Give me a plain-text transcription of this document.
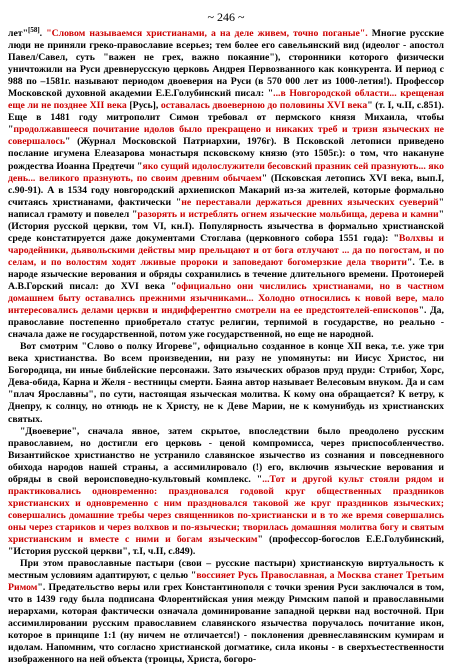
~ 246 ~

лет"[58]. "Словом называемся христианами, а на деле живем, точно поганые". Многие русские люди не приняли греко-православие всерьез; тем более его савельянский вид (идеолог - апостол Павел/Савел, суть "важен не грех, важно покаяние"), сторонники которого физически уничтожили на Руси древнерусскую церковь Андрея Первозванного как конкурента. И период с 988 по –1581г. называют периодом двоеверия на Руси (в 570 000 лет из 1000-летия!). Профессор Московской духовной академии Е.Е.Голубинский писал: "...в Новгородской области... крещеная еще ли не позднее XII века [Русь], оставалась двоеверною до половины XVI века" (т. I, ч.II, с.851). Еще в 1481 году митрополит Симон требовал от пермского князя Михаила, чтобы "продолжавшееся почитание идолов было прекращено и никаких треб и тризн языческих не совершалось" (Журнал Московской Патриархии, 1976г). В Псковской летописи приведено послание игумена Елеазарова монастыря псковскому князю (это 1505г.): о том, что накануне рождества Иоанна Предтечи "яко сущий идолослужители бесовский празник сей празнують... яко день... великого празнують, по своим древним обычаем" (Псковская летопись XVI века, вып.I, с.90-91). А в 1534 году новгородский архиепископ Макарий из-за жителей, которые формально считаясь христианами, фактически "не переставали держаться древних языческих суеверий" написал грамоту и повелел "разорять и истреблять огнем языческие мольбища, дерева и камни" (История русской церкви, том VI, кн.I). Популярность язычества в формально христианской среде констатируется даже документами Стоглава (церковного собора 1551 года): "Волхвы и чародейники, дьявольскими действы мир прельщают и от бога отлучают ... да по погостам, и по селам, и по волостям ходят лживые пророки и заповедают богомерзкие дела творити". Т.е. в народе языческие верования и обряды сохранились в течение длительного времени. Протоиерей А.В.Горский писал: до XVI века "официально они числились христианами, но в частном домашнем быту оставались прежними язычниками... Холодно относились к новой вере, мало интересовались делами церкви и индифферентно смотрели на ее предстоятелей-епископов". Да, православие постепенно приобретало статус религии, терпимой в государстве, но реально - сначала даже не государственной, потом уже государственной, но еще не народной.

Вот смотрим "Слово о полку Игореве", официально созданное в конце XII века, т.е. уже три века христианства. Во всем произведении, ни разу не упомянуты: ни Иисус Христос, ни Богородица, ни иные библейские персонажи. Зато языческих образов пруд пруди: Стрибог, Хорс, Дева-обида, Карна и Желя - вестницы смерти. Баяна автор называет Велесовым внуком. Да и сам "плач Ярославны", по сути, настоящая языческая молитва. К кому она обращается? К ветру, к Днепру, к солнцу, но отнюдь не к Христу, не к Деве Марии, не к комунибудь из христианских святых.

"Двоеверие", сначала явное, затем скрытое, впоследствии было преодолено русским православием, но достигли его церковь - ценой компромисса, через приспособленчество. Византийское христианство не устранило славянское язычество из сознания и повседневного обихода народов нашей страны, а ассимилировало (!) его, включив языческие верования и обряды в свой вероисповедно-культовый комплекс. "...Тот и другой культ стояли рядом и практиковались одновременно: праздновался годовой круг общественных праздников христианских и одновременно с ним праздновался таковой же круг праздников языческих; совершались домашние требы через священников по-христиански и в то же время совершались оны через стариков и через волхвов и по-язычески; творилась домашняя молитва богу и святым христианским и вместе с ними и богам языческим" (профессор-богослов Е.Е.Голубинский, "История русской церкви", т.I, ч.II, с.849).

При этом православные пастыри (свои – русские пастыри) христианскую виртуальность к местным условиям адаптируют, с целью "воссияет Русь Православная, а Москва станет Третьим Римом". Предательство веры или грех Константинополя с точки зрения Руси заключался в том, что в 1439 году была подписана Флорентийская уния между Римским папой и православными иерархами, которая фактически означала доминирование западной церкви над восточной. При ассимилировании русским православием славянского язычества поручалось почитание икон, которое в принципе 1:1 (ну ничем не отличается!) - поклонения древнеславянским кумирам и идолам. Напомним, что согласно христианской догматике, сила иконы - в сверхъестественности изображенного на ней объекта (троицы, Христа, богоро-
